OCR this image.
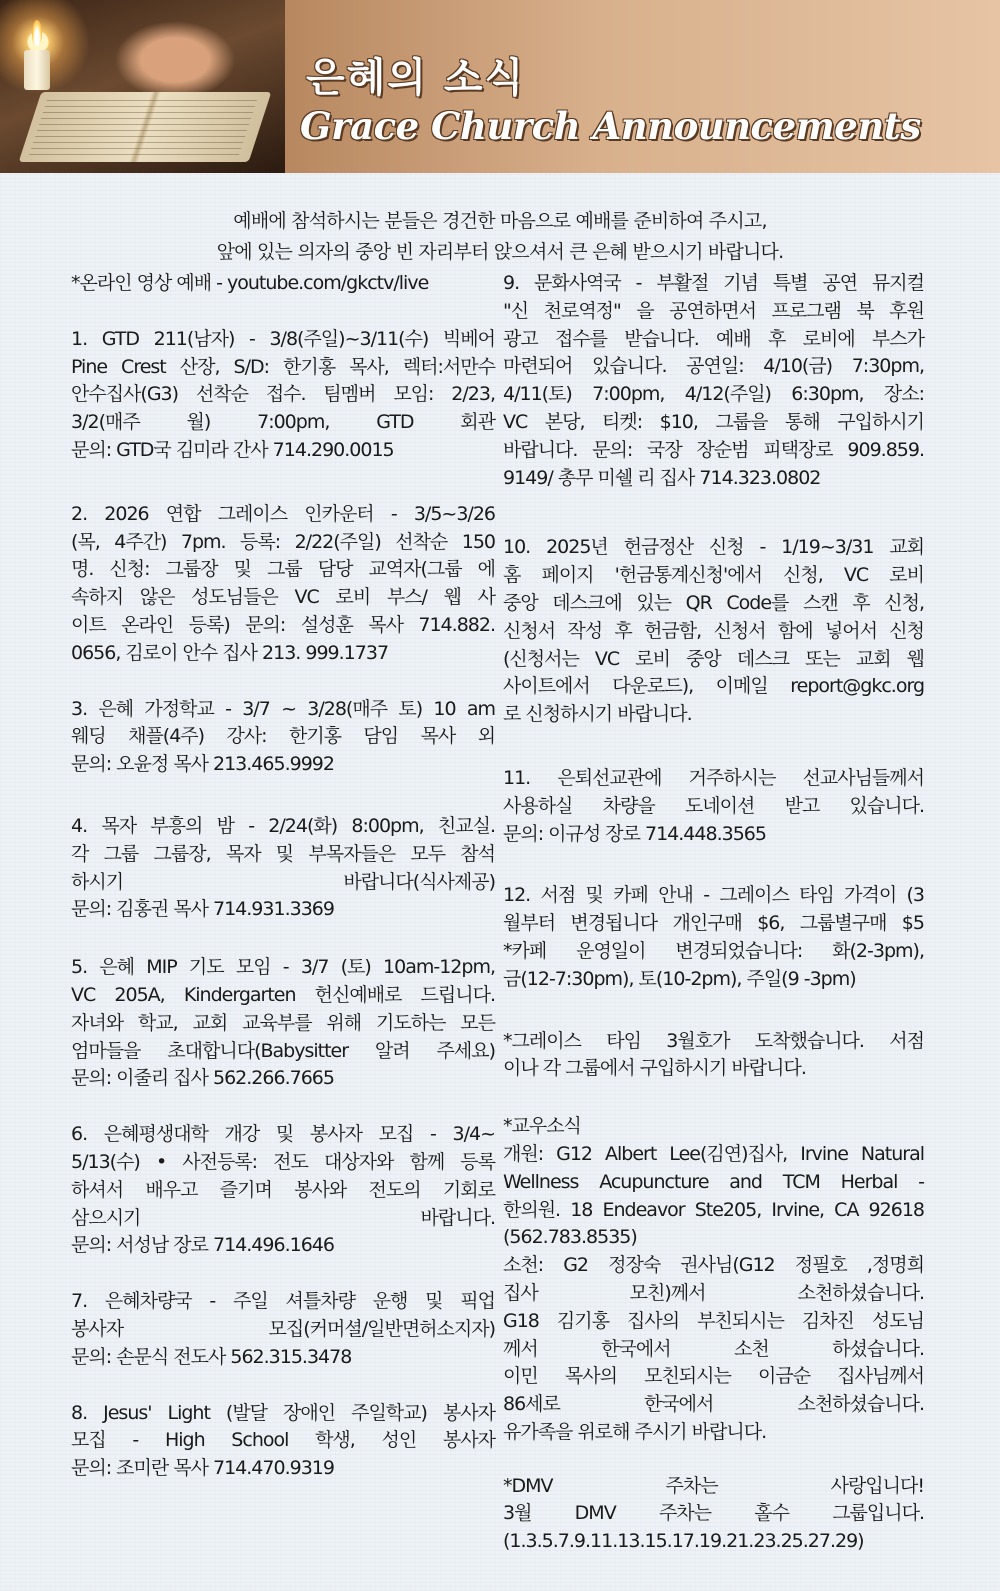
은혜의 소식
Grace Church Announcements
예배에 참석하시는 분들은 경건한 마음으로 예배를 준비하여 주시고,
앞에 있는 의자의 중앙 빈 자리부터 앉으셔서 큰 은혜 받으시기 바랍니다.
*온라인 영상 예배 - youtube.com/gkctv/live
1. GTD 211(남자) - 3/8(주일)~3/11(수) 빅베어
Pine Crest 산장, S/D: 한기홍 목사, 렉터:서만수
안수집사(G3) 선착순 접수. 팀멤버 모임: 2/23,
3/2(매주 월) 7:00pm, GTD 회관
문의: GTD국 김미라 간사 714.290.0015
2. 2026 연합 그레이스 인카운터 - 3/5~3/26
(목, 4주간) 7pm. 등록: 2/22(주일) 선착순 150
명. 신청: 그룹장 및 그룹 담당 교역자(그룹 에
속하지 않은 성도님들은 VC 로비 부스/ 웹 사
이트 온라인 등록) 문의: 설성훈 목사 714.882.
0656, 김로이 안수 집사 213. 999.1737
3. 은혜 가정학교 - 3/7 ~ 3/28(매주 토) 10 am
웨딩 채플(4주) 강사: 한기홍 담임 목사 외
문의: 오윤정 목사 213.465.9992
4. 목자 부흥의 밤 - 2/24(화) 8:00pm, 친교실.
각 그룹 그룹장, 목자 및 부목자들은 모두 참석
하시기 바랍니다(식사제공)
문의: 김홍권 목사 714.931.3369
5. 은혜 MIP 기도 모임 - 3/7 (토) 10am-12pm,
VC 205A, Kindergarten 헌신예배로 드립니다.
자녀와 학교, 교회 교육부를 위해 기도하는 모든
엄마들을 초대합니다(Babysitter 알려 주세요)
문의: 이줄리 집사 562.266.7665
6. 은혜평생대학 개강 및 봉사자 모집 - 3/4~
5/13(수) • 사전등록: 전도 대상자와 함께 등록
하셔서 배우고 즐기며 봉사와 전도의 기회로
삼으시기 바랍니다.
문의: 서성남 장로 714.496.1646
7. 은혜차량국 - 주일 셔틀차량 운행 및 픽업
봉사자 모집(커머셜/일반면허소지자)
문의: 손문식 전도사 562.315.3478
8. Jesus' Light (발달 장애인 주일학교) 봉사자
모집 - High School 학생, 성인 봉사자
문의: 조미란 목사 714.470.9319
9. 문화사역국 - 부활절 기념 특별 공연 뮤지컬
"신 천로역정" 을 공연하면서 프로그램 북 후원
광고 접수를 받습니다. 예배 후 로비에 부스가
마련되어 있습니다. 공연일: 4/10(금) 7:30pm,
4/11(토) 7:00pm, 4/12(주일) 6:30pm, 장소:
VC 본당, 티켓: $10, 그룹을 통해 구입하시기
바랍니다. 문의: 국장 장순범 피택장로 909.859.
9149/ 총무 미쉘 리 집사 714.323.0802
10. 2025년 헌금정산 신청 - 1/19~3/31 교회
홈 페이지 '헌금통계신청'에서 신청, VC 로비
중앙 데스크에 있는 QR Code를 스캔 후 신청,
신청서 작성 후 헌금함, 신청서 함에 넣어서 신청
(신청서는 VC 로비 중앙 데스크 또는 교회 웹
사이트에서 다운로드), 이메일 report@gkc.org
로 신청하시기 바랍니다.
11. 은퇴선교관에 거주하시는 선교사님들께서
사용하실 차량을 도네이션 받고 있습니다.
문의: 이규성 장로 714.448.3565
12. 서점 및 카페 안내 - 그레이스 타임 가격이 (3
월부터 변경됩니다 개인구매 $6, 그룹별구매 $5
*카페 운영일이 변경되었습니다: 화(2-3pm),
금(12-7:30pm), 토(10-2pm), 주일(9 -3pm)
*그레이스 타임 3월호가 도착했습니다. 서점
이나 각 그룹에서 구입하시기 바랍니다.
*교우소식
개원: G12 Albert Lee(김연)집사, Irvine Natural
Wellness Acupuncture and TCM Herbal -
한의원. 18 Endeavor Ste205, Irvine, CA 92618
(562.783.8535)
소천: G2 정장숙 권사님(G12 정필호 ,정명희
집사 모친)께서 소천하셨습니다.
G18 김기홍 집사의 부친되시는 김차진 성도님
께서 한국에서 소천 하셨습니다.
이민 목사의 모친되시는 이금순 집사님께서
86세로 한국에서 소천하셨습니다.
유가족을 위로해 주시기 바랍니다.
*DMV 주차는 사랑입니다!
3월 DMV 주차는 홀수 그룹입니다.
(1.3.5.7.9.11.13.15.17.19.21.23.25.27.29)
